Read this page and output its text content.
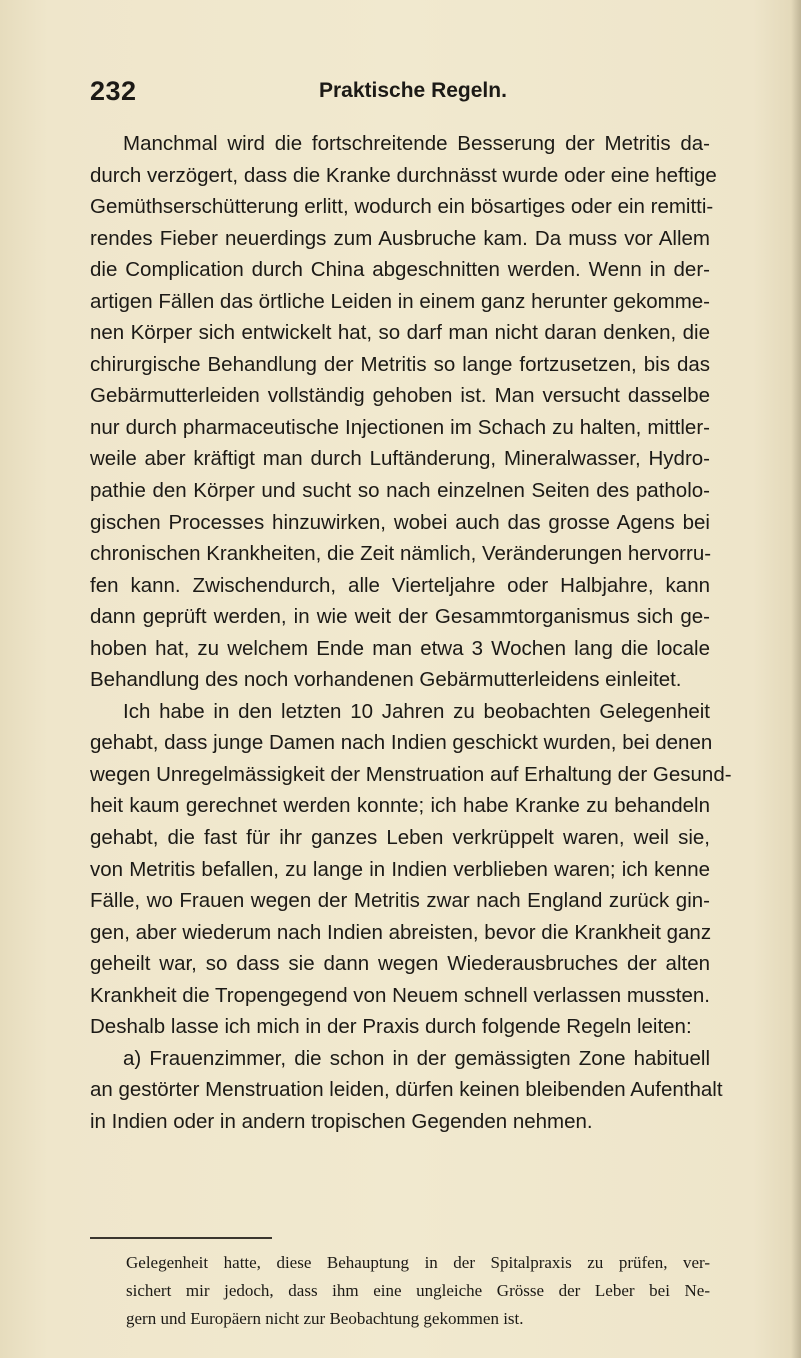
232	Praktische Regeln.
Manchmal wird die fortschreitende Besserung der Metritis da-
durch verzögert, dass die Kranke durchnässt wurde oder eine heftige
Gemüthserschütterung erlitt, wodurch ein bösartiges oder ein remitti-
rendes Fieber neuerdings zum Ausbruche kam. Da muss vor Allem
die Complication durch China abgeschnitten werden. Wenn in der-
artigen Fällen das örtliche Leiden in einem ganz herunter gekomme-
nen Körper sich entwickelt hat, so darf man nicht daran denken, die
chirurgische Behandlung der Metritis so lange fortzusetzen, bis das
Gebärmutterleiden vollständig gehoben ist. Man versucht dasselbe
nur durch pharmaceutische Injectionen im Schach zu halten, mittler-
weile aber kräftigt man durch Luftänderung, Mineralwasser, Hydro-
pathie den Körper und sucht so nach einzelnen Seiten des patholo-
gischen Processes hinzuwirken, wobei auch das grosse Agens bei
chronischen Krankheiten, die Zeit nämlich, Veränderungen hervorru-
fen kann. Zwischendurch, alle Vierteljahre oder Halbjahre, kann
dann geprüft werden, in wie weit der Gesammtorganismus sich ge-
hoben hat, zu welchem Ende man etwa 3 Wochen lang die locale
Behandlung des noch vorhandenen Gebärmutterleidens einleitet.
Ich habe in den letzten 10 Jahren zu beobachten Gelegenheit
gehabt, dass junge Damen nach Indien geschickt wurden, bei denen
wegen Unregelmässigkeit der Menstruation auf Erhaltung der Gesund-
heit kaum gerechnet werden konnte; ich habe Kranke zu behandeln
gehabt, die fast für ihr ganzes Leben verkrüppelt waren, weil sie,
von Metritis befallen, zu lange in Indien verblieben waren; ich kenne
Fälle, wo Frauen wegen der Metritis zwar nach England zurück gin-
gen, aber wiederum nach Indien abreisten, bevor die Krankheit ganz
geheilt war, so dass sie dann wegen Wiederausbruches der alten
Krankheit die Tropengegend von Neuem schnell verlassen mussten.
Deshalb lasse ich mich in der Praxis durch folgende Regeln leiten:
a) Frauenzimmer, die schon in der gemässigten Zone habituell
an gestörter Menstruation leiden, dürfen keinen bleibenden Aufenthalt
in Indien oder in andern tropischen Gegenden nehmen.
Gelegenheit hatte, diese Behauptung in der Spitalpraxis zu prüfen, ver-
sichert mir jedoch, dass ihm eine ungleiche Grösse der Leber bei Ne-
gern und Europäern nicht zur Beobachtung gekommen ist.
